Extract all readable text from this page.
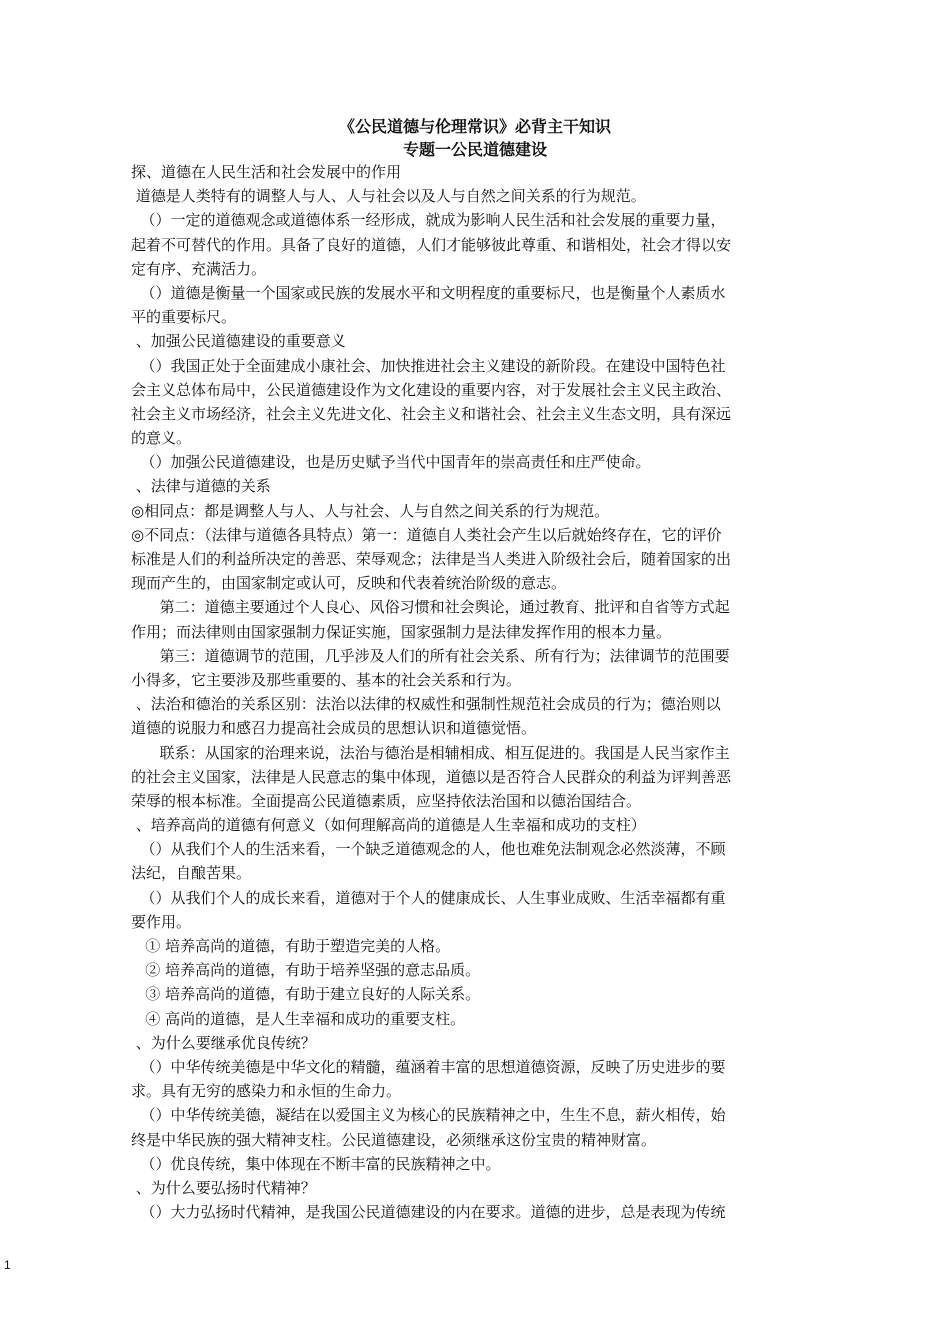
《公民道德与伦理常识》必背主干知识
专题一公民道德建设
探、道德在人民生活和社会发展中的作用
道德是人类特有的调整人与人、人与社会以及人与自然之间关系的行为规范。
（）一定的道德观念或道德体系一经形成，就成为影响人民生活和社会发展的重要力量，
起着不可替代的作用。具备了良好的道德，人们才能够彼此尊重、和谐相处，社会才得以安
定有序、充满活力。
（）道德是衡量一个国家或民族的发展水平和文明程度的重要标尺，也是衡量个人素质水
平的重要标尺。
、加强公民道德建设的重要意义
（）我国正处于全面建成小康社会、加快推进社会主义建设的新阶段。在建设中国特色社
会主义总体布局中，公民道德建设作为文化建设的重要内容，对于发展社会主义民主政治、
社会主义市场经济，社会主义先进文化、社会主义和谐社会、社会主义生态文明，具有深远
的意义。
（）加强公民道德建设，也是历史赋予当代中国青年的崇高责任和庄严使命。
、法律与道德的关系
◎相同点：都是调整人与人、人与社会、人与自然之间关系的行为规范。
◎不同点：（法律与道德各具特点）第一：道德自人类社会产生以后就始终存在，它的评价
标准是人们的利益所决定的善恶、荣辱观念；法律是当人类进入阶级社会后，随着国家的出
现而产生的，由国家制定或认可，反映和代表着统治阶级的意志。
第二：道德主要通过个人良心、风俗习惯和社会舆论，通过教育、批评和自省等方式起
作用；而法律则由国家强制力保证实施，国家强制力是法律发挥作用的根本力量。
第三：道德调节的范围，几乎涉及人们的所有社会关系、所有行为；法律调节的范围要
小得多，它主要涉及那些重要的、基本的社会关系和行为。
、法治和德治的关系区别：法治以法律的权威性和强制性规范社会成员的行为；德治则以
道德的说服力和感召力提高社会成员的思想认识和道德觉悟。
联系：从国家的治理来说，法治与德治是相辅相成、相互促进的。我国是人民当家作主
的社会主义国家，法律是人民意志的集中体现，道德以是否符合人民群众的利益为评判善恶
荣辱的根本标准。全面提高公民道德素质，应坚持依法治国和以德治国结合。
、培养高尚的道德有何意义（如何理解高尚的道德是人生幸福和成功的支柱）
（）从我们个人的生活来看，一个缺乏道德观念的人，他也难免法制观念必然淡薄，不顾
法纪，自酿苦果。
（）从我们个人的成长来看，道德对于个人的健康成长、人生事业成败、生活幸福都有重
要作用。
① 培养高尚的道德，有助于塑造完美的人格。
② 培养高尚的道德，有助于培养坚强的意志品质。
③ 培养高尚的道德，有助于建立良好的人际关系。
④ 高尚的道德，是人生幸福和成功的重要支柱。
、为什么要继承优良传统？
（）中华传统美德是中华文化的精髓，蕴涵着丰富的思想道德资源，反映了历史进步的要
求。具有无穷的感染力和永恒的生命力。
（）中华传统美德，凝结在以爱国主义为核心的民族精神之中，生生不息，薪火相传，始
终是中华民族的强大精神支柱。公民道德建设，必须继承这份宝贵的精神财富。
（）优良传统，集中体现在不断丰富的民族精神之中。
、为什么要弘扬时代精神？
（）大力弘扬时代精神，是我国公民道德建设的内在要求。道德的进步，总是表现为传统
1
